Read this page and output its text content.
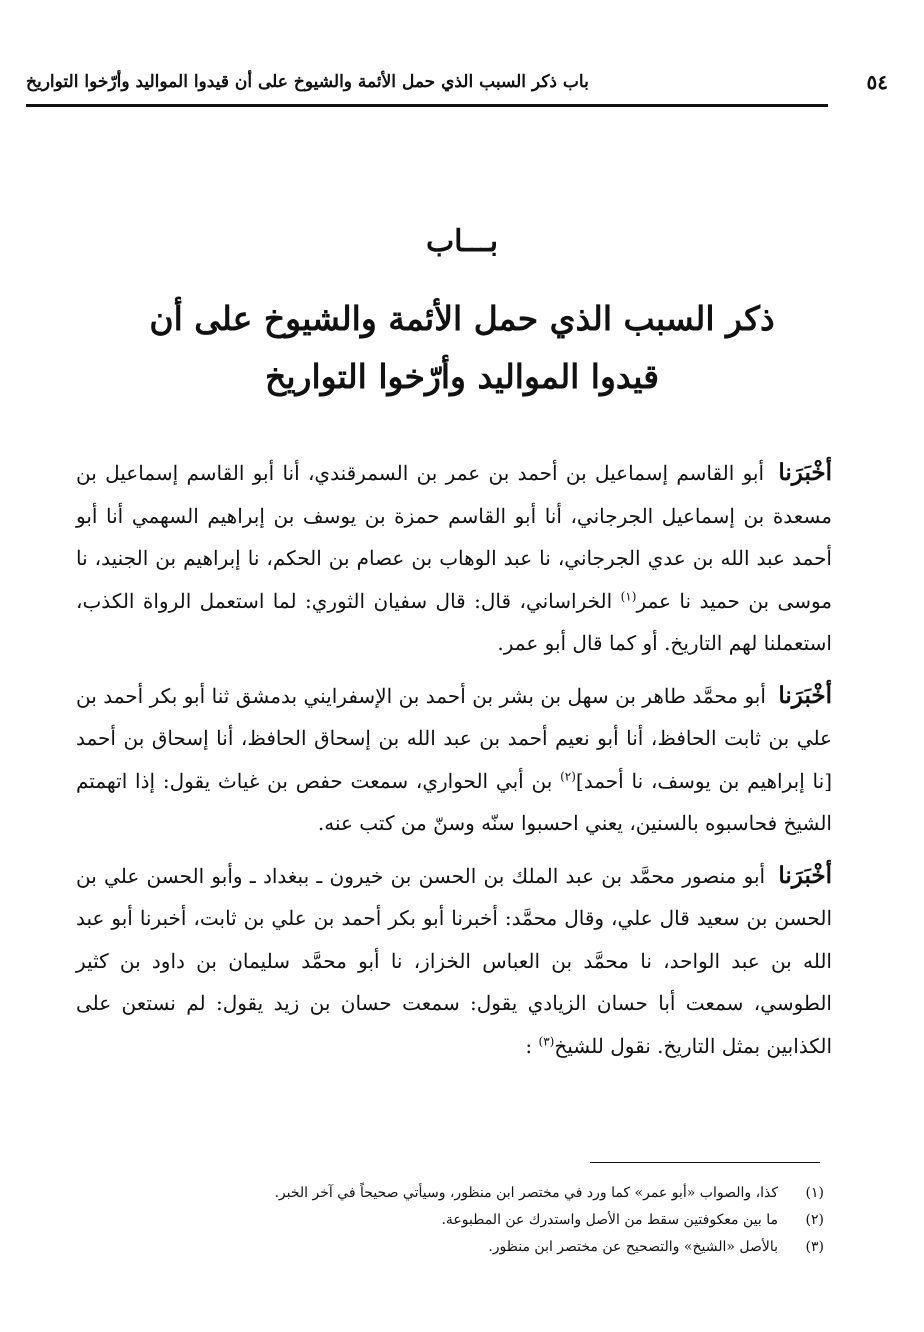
٥٤
باب ذكر السبب الذي حمل الأئمة والشيوخ على أن قيدوا المواليد وأرّخوا التواريخ
بـــاب
ذكر السبب الذي حمل الأئمة والشيوخ على أن
قيدوا المواليد وأرّخوا التواريخ

أخْبَرَنا أبو القاسم إسماعيل بن أحمد بن عمر بن السمرقندي، أنا أبو القاسم إسماعيل بن مسعدة بن إسماعيل الجرجاني، أنا أبو القاسم حمزة بن يوسف بن إبراهيم السهمي أنا أبو أحمد عبد الله بن عدي الجرجاني، نا عبد الوهاب بن عصام بن الحكم، نا إبراهيم بن الجنيد، نا موسى بن حميد نا عمر$^{(١)}$ الخراساني، قال: قال سفيان الثوري: لما استعمل الرواة الكذب، استعملنا لهم التاريخ. أو كما قال أبو عمر.

أخْبَرَنا أبو محمَّد طاهر بن سهل بن بشر بن أحمد بن الإسفرايني بدمشق ثنا أبو بكر أحمد بن علي بن ثابت الحافظ، أنا أبو نعيم أحمد بن عبد الله بن إسحاق الحافظ، أنا إسحاق بن أحمد [نا إبراهيم بن يوسف، نا أحمد]$^{(٢)}$ بن أبي الحواري، سمعت حفص بن غياث يقول: إذا اتهمتم الشيخ فحاسبوه بالسنين، يعني احسبوا سنّه وسنّ من كتب عنه.

أخْبَرَنا أبو منصور محمَّد بن عبد الملك بن الحسن بن خيرون ـ ببغداد ـ وأبو الحسن علي بن الحسن بن سعيد قال علي، وقال محمَّد: أخبرنا أبو بكر أحمد بن علي بن ثابت، أخبرنا أبو عبد الله بن عبد الواحد، نا محمَّد بن العباس الخزاز، نا أبو محمَّد سليمان بن داود بن كثير الطوسي، سمعت أبا حسان الزيادي يقول: سمعت حسان بن زيد يقول: لم نستعن على الكذابين بمثل التاريخ. نقول للشيخ$^{(٣)}$ :

(١)
كذا، والصواب «أبو عمر» كما ورد في مختصر ابن منظور، وسيأتي صحيحاً في آخر الخبر.
(٢)
ما بين معكوفتين سقط من الأصل واستدرك عن المطبوعة.
(٣)
بالأصل «الشيخ» والتصحيح عن مختصر ابن منظور.
